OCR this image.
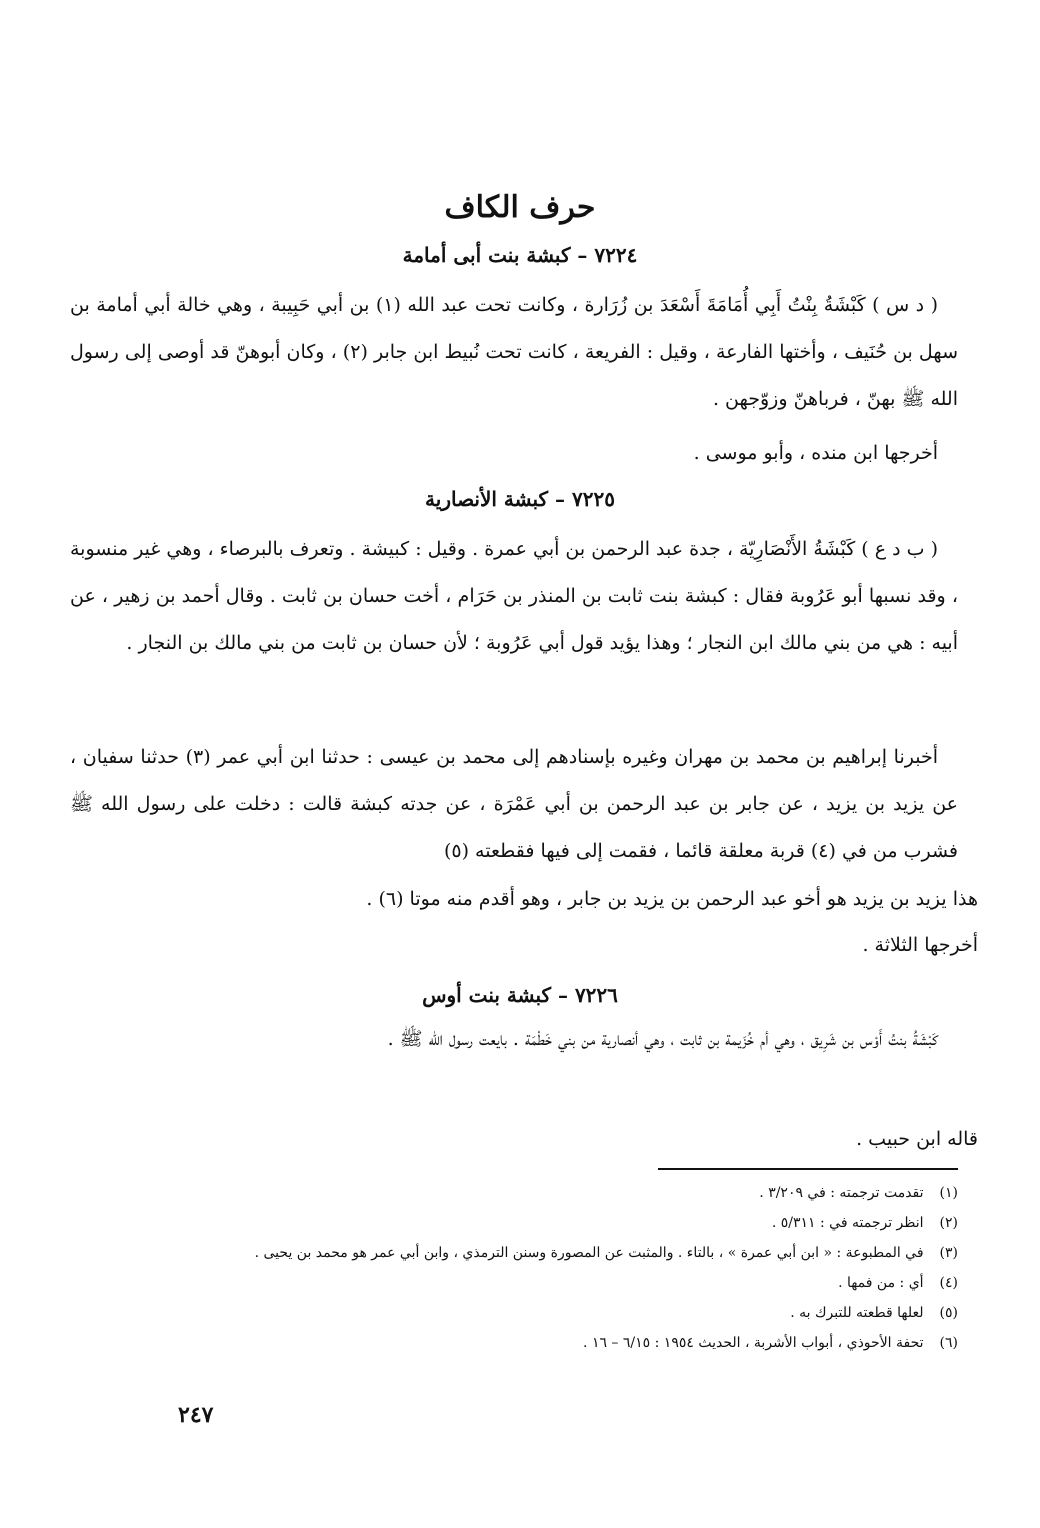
حرف الكاف
٧٢٢٤ – كبشة بنت أبى أمامة

( د س ) كَبْشَةُ بِنْتُ أَبِي أُمَامَةَ أَسْعَدَ بن زُرَارة ، وكانت تحت عبد الله (١) بن أبي حَبِيبة ، وهي خالة أبي أمامة بن سهل بن حُنَيف ، وأختها الفارعة ، وقيل : الفريعة ، كانت تحت نُبيط ابن جابر (٢) ، وكان أبوهنّ قد أوصى إلى رسول الله ﷺ بهنّ ، فرباهنّ وزوّجهن .

أخرجها ابن منده ، وأبو موسى .

٧٢٢٥ – كبشة الأنصارية

( ب د ع ) كَبْشَةُ الأَنْصَارِيّة ، جدة عبد الرحمن بن أبي عمرة . وقيل : كبيشة . وتعرف بالبرصاء ، وهي غير منسوبة ، وقد نسبها أبو عَرُوبة فقال : كبشة بنت ثابت بن المنذر بن حَرَام ، أخت حسان بن ثابت . وقال أحمد بن زهير ، عن أبيه : هي من بني مالك ابن النجار ؛ وهذا يؤيد قول أبي عَرُوبة ؛ لأن حسان بن ثابت من بني مالك بن النجار .

أخبرنا إبراهيم بن محمد بن مهران وغيره بإسنادهم إلى محمد بن عيسى : حدثنا ابن أبي عمر (٣) حدثنا سفيان ، عن يزيد بن يزيد ، عن جابر بن عبد الرحمن بن أبي عَمْرَة ، عن جدته كبشة قالت : دخلت على رسول الله ﷺ فشرب من في (٤) قربة معلقة قائما ، فقمت إلى فيها فقطعته (٥)

هذا يزيد بن يزيد هو أخو عبد الرحمن بن يزيد بن جابر ، وهو أقدم منه موتا (٦) .
أخرجها الثلاثة .
٧٢٢٦ – كبشة بنت أوس

كَبْشَةُ بنتُ أَوْس بن شَرِيق ، وهي أم خُزَيمة بن ثابت ، وهي أنصارية من بني خَطْمَة . بايعت رسول الله ﷺ .

قاله ابن حبيب .
(١) تقدمت ترجمته : في ٣/٢٠٩ .
(٢) انظر ترجمته في : ٥/٣١١ .
(٣) في المطبوعة : « ابن أبي عمرة » ، بالتاء . والمثبت عن المصورة وسنن الترمذي ، وابن أبي عمر هو محمد بن يحيى .
(٤) أي : من فمها .
(٥) لعلها قطعته للتبرك به .
(٦) تحفة الأحوذي ، أبواب الأشربة ، الحديث ١٩٥٤ : ٦/١٥ – ١٦ .
٢٤٧
